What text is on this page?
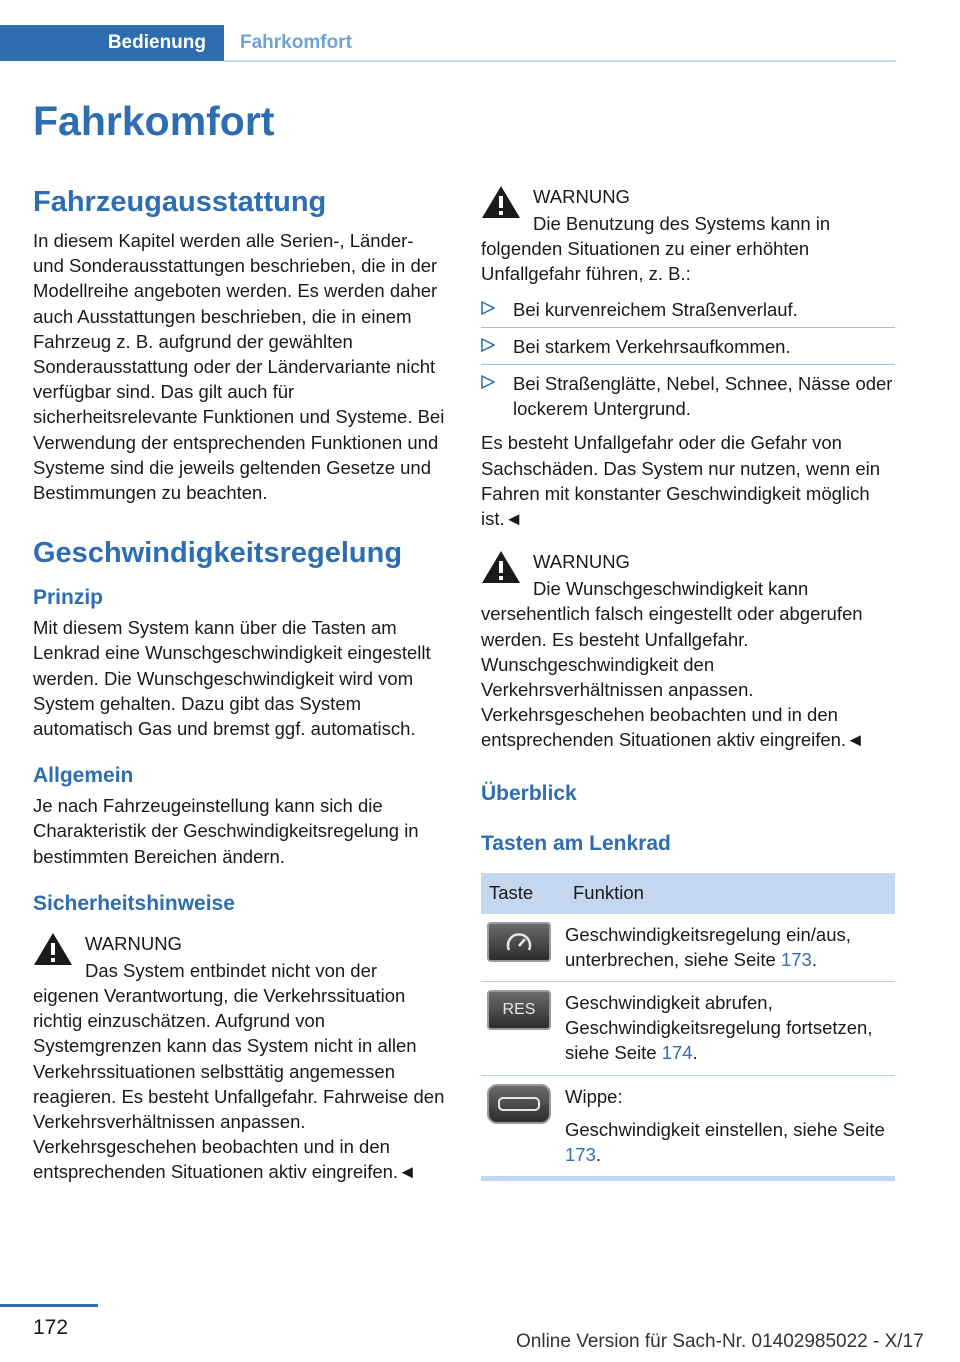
Bedienung	Fahrkomfort
Fahrkomfort
Fahrzeugausstattung

In diesem Kapitel werden alle Serien-, Länder- und Sonderausstattungen beschrieben, die in der Modellreihe angeboten werden. Es werden daher auch Ausstattungen beschrieben, die in einem Fahrzeug z. B. aufgrund der gewählten Sonderausstattung oder der Ländervariante nicht verfügbar sind. Das gilt auch für sicherheitsrelevante Funktionen und Systeme. Bei Verwendung der entsprechenden Funktionen und Systeme sind die jeweils geltenden Gesetze und Bestimmungen zu beachten.

Geschwindigkeitsregelung
Prinzip

Mit diesem System kann über die Tasten am Lenkrad eine Wunschgeschwindigkeit eingestellt werden. Die Wunschgeschwindigkeit wird vom System gehalten. Dazu gibt das System automatisch Gas und bremst ggf. automatisch.

Allgemein

Je nach Fahrzeugeinstellung kann sich die Charakteristik der Geschwindigkeitsregelung in bestimmten Bereichen ändern.

Sicherheitshinweise
WARNUNG

Das System entbindet nicht von der eigenen Verantwortung, die Verkehrssituation richtig einzuschätzen. Aufgrund von Systemgrenzen kann das System nicht in allen Verkehrssituationen selbsttätig angemessen reagieren. Es besteht Unfallgefahr. Fahrweise den Verkehrsverhältnissen anpassen. Verkehrsgeschehen beobachten und in den entsprechenden Situationen aktiv eingreifen.◄

WARNUNG

Die Benutzung des Systems kann in folgenden Situationen zu einer erhöhten Unfallgefahr führen, z. B.:

Bei kurvenreichem Straßenverlauf.
Bei starkem Verkehrsaufkommen.
Bei Straßenglätte, Nebel, Schnee, Nässe oder lockerem Untergrund.

Es besteht Unfallgefahr oder die Gefahr von Sachschäden. Das System nur nutzen, wenn ein Fahren mit konstanter Geschwindigkeit möglich ist.◄

WARNUNG

Die Wunschgeschwindigkeit kann versehentlich falsch eingestellt oder abgerufen werden. Es besteht Unfallgefahr. Wunschgeschwindigkeit den Verkehrsverhältnissen anpassen. Verkehrsgeschehen beobachten und in den entsprechenden Situationen aktiv eingreifen.◄

Überblick
Tasten am Lenkrad
Taste	Funktion

	Geschwindigkeitsregelung ein/aus, unterbrechen, siehe Seite 173.

RES	Geschwindigkeit abrufen, Geschwindigkeitsregelung fortsetzen, siehe Seite 174.

Wippe:
Geschwindigkeit einstellen, siehe Seite 173.
172
Online Version für Sach-Nr. 01402985022 - X/17
